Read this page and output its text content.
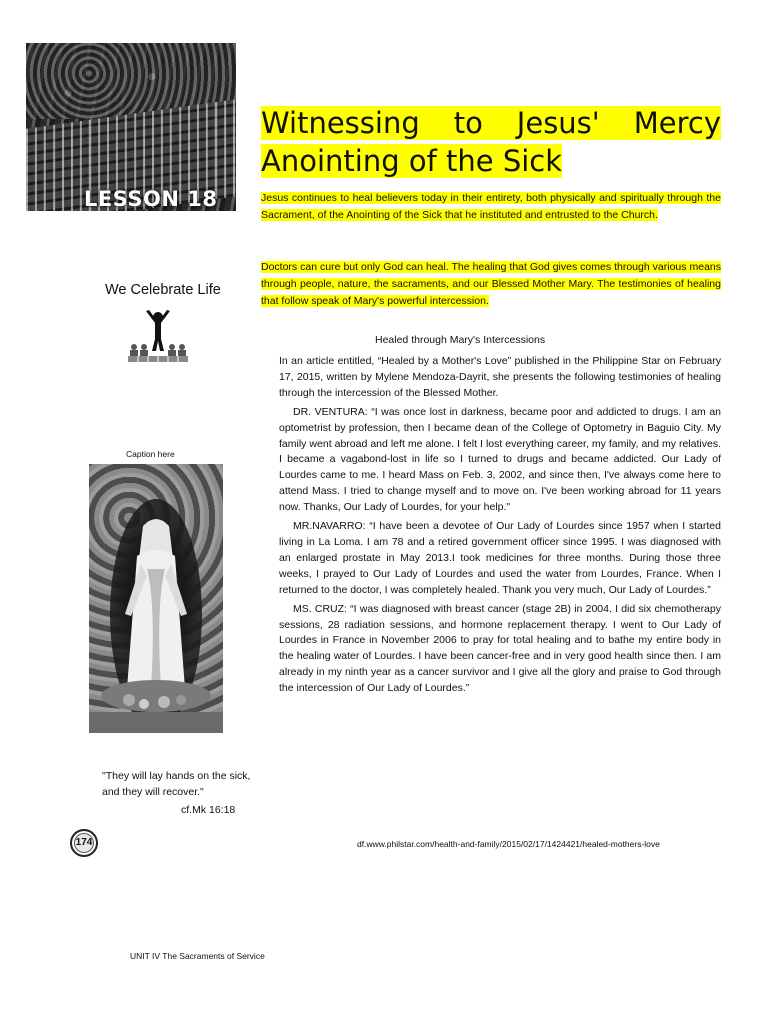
LESSON 18
Witnessing to Jesus' Mercy
Anointing of the Sick
Jesus continues to heal believers today in their entirety, both physically and spiritually through the Sacrament, of the Anointing of the Sick that he instituted and entrusted to the Church.
Doctors can cure but only God can heal. The healing that God gives comes through various means through people, nature, the sacraments, and our Blessed Mother Mary. The testimonies of healing that follow speak of Mary's powerful intercession.
We Celebrate Life
Caption here
"They will lay hands on the sick,
and they will recover."
cf.Mk 16:18
Healed through Mary's Intercessions

In an article entitled, “Healed by a Mother's Love” published in the Philippine Star on February 17, 2015, written by Mylene Mendoza-Dayrit, she presents the following testimonies of healing through the intercession of the Blessed Mother.

DR. VENTURA: “I was once lost in darkness, became poor and addicted to drugs. I am an optometrist by profession, then I became dean of the College of Optometry in Baguio City. My family went abroad and left me alone. I felt I lost everything career, my family, and my relatives. I became a vagabond-lost in life so I turned to drugs and became addicted. Our Lady of Lourdes came to me. I heard Mass on Feb. 3, 2002, and since then, I've always come here to attend Mass. I tried to change myself and to move on. I've been working abroad for 11 years now. Thanks, Our Lady of Lourdes, for your help."

MR.NAVARRO: “I have been a devotee of Our Lady of Lourdes since 1957 when I started living in La Loma. I am 78 and a retired government officer since 1995. I was diagnosed with an enlarged prostate in May 2013.I took medicines for three months. During those three weeks, I prayed to Our Lady of Lourdes and used the water from Lourdes, France. When I returned to the doctor, I was completely healed. Thank you very much, Our Lady of Lourdes.”

MS. CRUZ: “I was diagnosed with breast cancer (stage 2B) in 2004. I did six chemotherapy sessions, 28 radiation sessions, and hormone replacement therapy. I went to Our Lady of Lourdes in France in November 2006 to pray for total healing and to bathe my entire body in the healing water of Lourdes. I have been cancer-free and in very good health since then. I am already in my ninth year as a cancer survivor and I give all the glory and praise to God through the intercession of Our Lady of Lourdes.”

174	df.www.philstar.com/health-and-family/2015/02/17/1424421/healed-mothers-love
UNIT IV The Sacraments of Service
